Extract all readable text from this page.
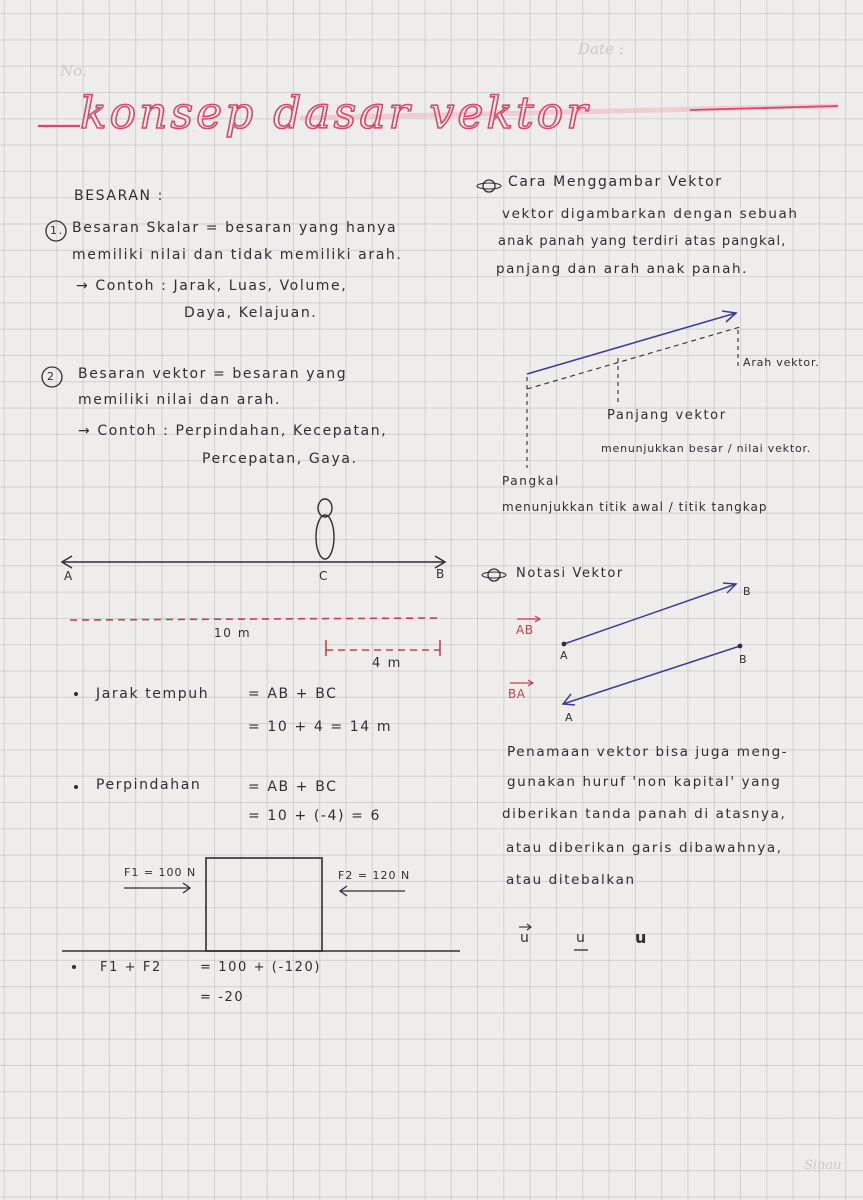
No.
Date :
Sinau
konsep dasar vektor
BESARAN :
1. Besaran Skalar = besaran yang hanya
memiliki nilai dan tidak memiliki arah.
→ Contoh : Jarak, Luas, Volume,
Daya, Kelajuan.
2 Besaran vektor = besaran yang
memiliki nilai dan arah.
→ Contoh : Perpindahan, Kecepatan,
Percepatan, Gaya.
A	C	B
10 m
4 m
Jarak tempuh	= AB + BC
= 10 + 4 = 14 m
Perpindahan	= AB + BC
= 10 + (-4) = 6
F1 = 100 N	F2 = 120 N
F1 + F2	= 100 + (-120)
= -20
Cara Menggambar Vektor
vektor digambarkan dengan sebuah
anak panah yang terdiri atas pangkal,
panjang dan arah anak panah.
Arah vektor.
Panjang vektor
menunjukkan besar / nilai vektor.
Pangkal
menunjukkan titik awal / titik tangkap
Notasi Vektor
AB
BA
A
B
B
A
Penamaan vektor bisa juga meng-
gunakan huruf 'non kapital' yang
diberikan tanda panah di atasnya,
atau diberikan garis dibawahnya,
atau ditebalkan
u	u	u
